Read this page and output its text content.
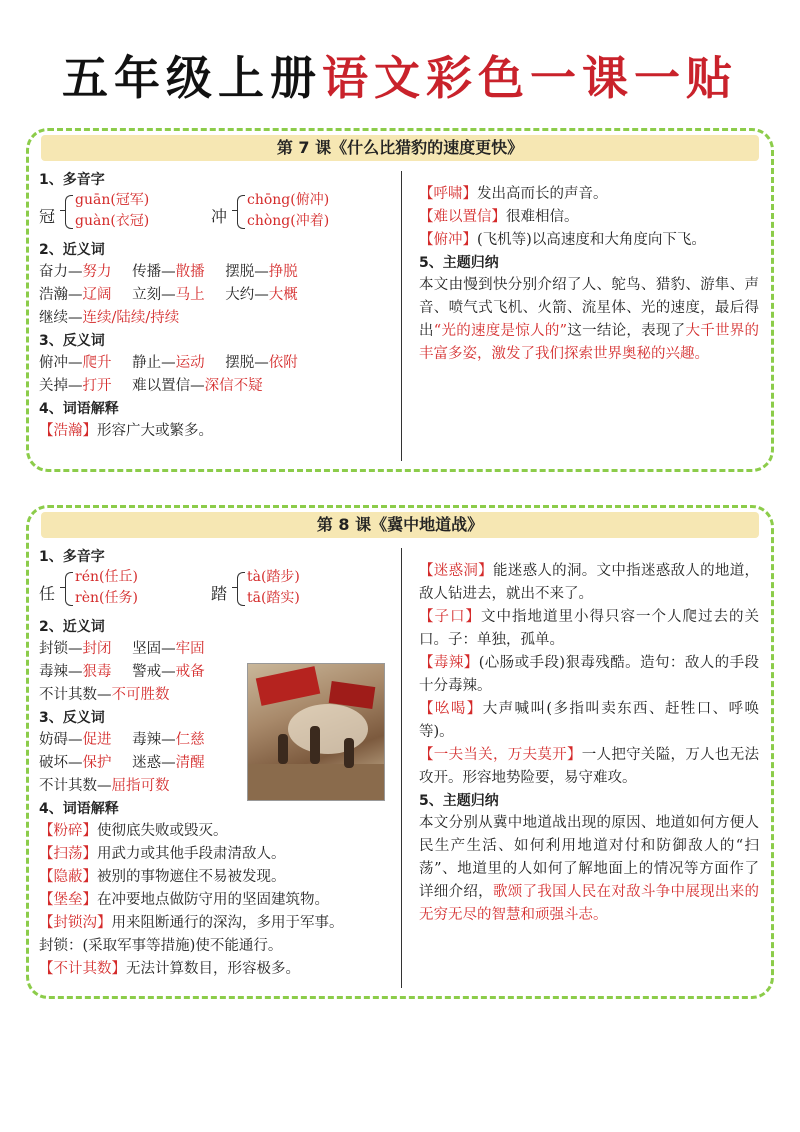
五年级上册语文彩色一课一贴
第 7 课《什么比猎豹的速度更快》
1、多音字
冠
guān(冠军)
guàn(衣冠)	冲
chōng(俯冲)
chòng(冲着)
2、近义词
奋力—努力 传播—散播 摆脱—挣脱
浩瀚—辽阔 立刻—马上 大约—大概
继续—连续/陆续/持续
3、反义词
俯冲—爬升 静止—运动 摆脱—依附
关掉—打开 难以置信—深信不疑
4、词语解释
【浩瀚】形容广大或繁多。
【呼啸】发出高而长的声音。
【难以置信】很难相信。
【俯冲】(飞机等)以高速度和大角度向下飞。
5、主题归纳
本文由慢到快分别介绍了人、鸵鸟、猎豹、游隼、声音、喷气式飞机、火箭、流星体、光的速度，最后得出“光的速度是惊人的”这一结论，表现了大千世界的丰富多姿，激发了我们探索世界奥秘的兴趣。
第 8 课《冀中地道战》
1、多音字
任
rén(任丘)
rèn(任务)	踏
tà(踏步)
tā(踏实)
2、近义词
封锁—封闭 坚固—牢固
毒辣—狠毒 警戒—戒备
不计其数—不可胜数
3、反义词
妨碍—促进 毒辣—仁慈
破坏—保护 迷惑—清醒
不计其数—屈指可数
4、词语解释
【粉碎】使彻底失败或毁灭。
【扫荡】用武力或其他手段肃清敌人。
【隐蔽】被别的事物遮住不易被发现。
【堡垒】在冲要地点做防守用的坚固建筑物。
【封锁沟】用来阻断通行的深沟，多用于军事。
封锁：(采取军事等措施)使不能通行。
【不计其数】无法计算数目，形容极多。
【迷惑洞】能迷惑人的洞。文中指迷惑敌人的地道，敌人钻进去，就出不来了。
【子口】文中指地道里小得只容一个人爬过去的关口。子：单独，孤单。
【毒辣】(心肠或手段)狠毒残酷。造句：敌人的手段十分毒辣。
【吆喝】大声喊叫(多指叫卖东西、赶牲口、呼唤等)。
【一夫当关，万夫莫开】一人把守关隘，万人也无法攻开。形容地势险要，易守难攻。
5、主题归纳
本文分别从冀中地道战出现的原因、地道如何方便人民生产生活、如何利用地道对付和防御敌人的“扫荡”、地道里的人如何了解地面上的情况等方面作了详细介绍，歌颂了我国人民在对敌斗争中展现出来的无穷无尽的智慧和顽强斗志。
